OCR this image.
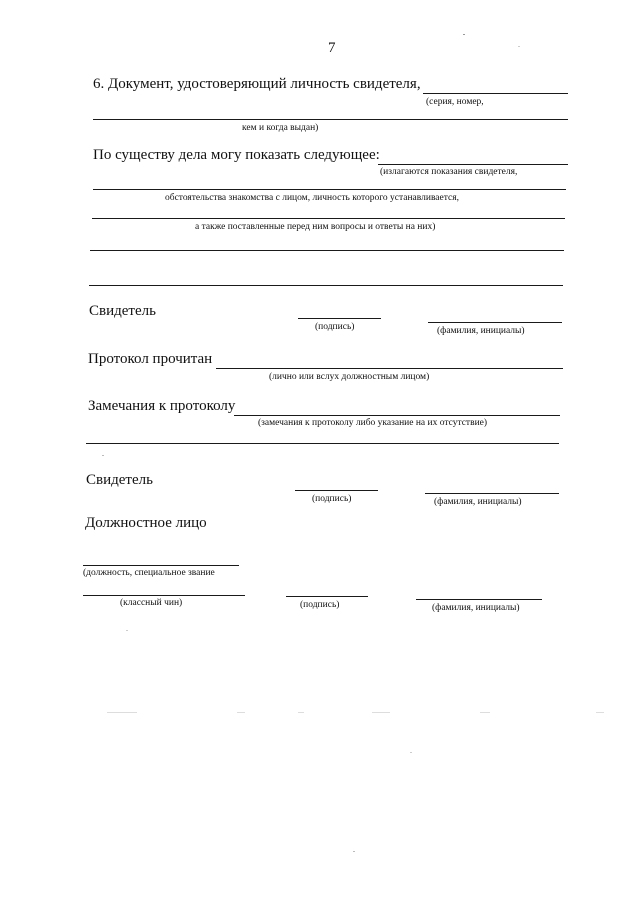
7
6. Документ, удостоверяющий личность свидетеля,
(серия, номер,
кем и когда выдан)
По существу дела могу показать следующее:
(излагаются показания свидетеля,
обстоятельства знакомства с лицом, личность которого устанавливается,
а также поставленные перед ним вопросы и ответы на них)
Свидетель
(подпись)	(фамилия, инициалы)
Протокол прочитан
(лично или вслух должностным лицом)
Замечания к протоколу
(замечания к протоколу либо указание на их отсутствие)
Свидетель
(подпись)	(фамилия, инициалы)
Должностное лицо
(должность, специальное звание
(классный чин)	(подпись)	(фамилия, инициалы)
